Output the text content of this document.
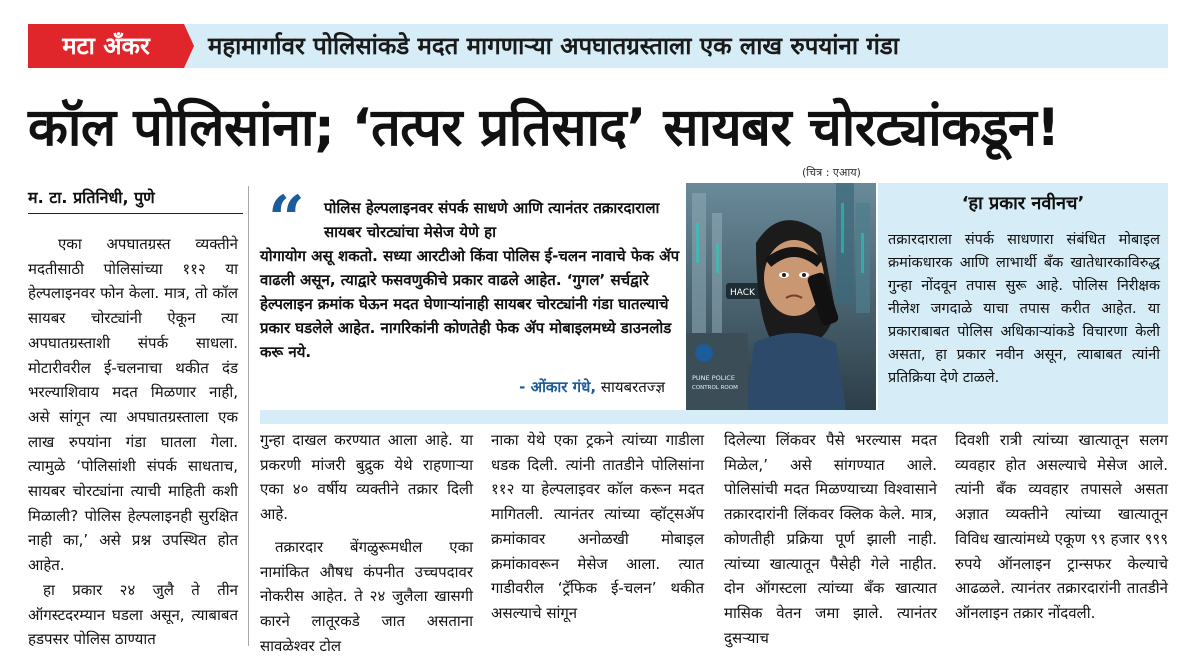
मटा अँकर	महामार्गावर पोलिसांकडे मदत मागणाऱ्या अपघातग्रस्ताला एक लाख रुपयांना गंडा
कॉल पोलिसांना; ‘तत्पर प्रतिसाद’ सायबर चोरट्यांकडून!
म. टा. प्रतिनिधी, पुणे “ पोलिस हेल्पलाइनवर संपर्क साधणे आणि त्यानंतर तक्रारदाराला सायबर चोरट्यांचा मेसेज येणे हा
योगायोग असू शकतो. सध्या आरटीओ किंवा पोलिस ई-चलन नावाचे फेक ॲप वाढली असून, त्याद्वारे फसवणुकीचे प्रकार वाढले आहेत. ‘गुगल’ सर्चद्वारे हेल्पलाइन क्रमांक घेऊन मदत घेणाऱ्यांनाही सायबर चोरट्यांनी गंडा घातल्याचे प्रकार घडलेले आहेत. नागरिकांनी कोणतेही फेक ॲप मोबाइलमध्ये डाउनलोड करू नये.
- ओंकार गंधे, सायबरतज्ज्ञ
(चित्र : एआय)
HACK
PUNE POLICE
CONTROL ROOM
‘हा प्रकार नवीनच’
तक्रारदाराला संपर्क साधणारा संबंधित मोबाइल क्रमांकधारक आणि लाभार्थी बँक खातेधारकाविरुद्ध गुन्हा नोंदवून तपास सुरू आहे. पोलिस निरीक्षक नीलेश जगदाळे याचा तपास करीत आहेत. या प्रकाराबाबत पोलिस अधिकाऱ्यांकडे विचारणा केली असता, हा प्रकार नवीन असून, त्याबाबत त्यांनी प्रतिक्रिया देणे टाळले.

एका अपघातग्रस्त व्यक्तीने मदतीसाठी पोलिसांच्या ११२ या हेल्पलाइनवर फोन केला. मात्र, तो कॉल सायबर चोरट्यांनी ऐकून त्या अपघातग्रस्ताशी संपर्क साधला. मोटारीवरील ई-चलनाचा थकीत दंड भरल्याशिवाय मदत मिळणार नाही, असे सांगून त्या अपघातग्रस्ताला एक लाख रुपयांना गंडा घातला गेला. त्यामुळे ‘पोलिसांशी संपर्क साधताच, सायबर चोरट्यांना त्याची माहिती कशी मिळाली? पोलिस हेल्पलाइनही सुरक्षित नाही का,’ असे प्रश्न उपस्थित होत आहेत.

हा प्रकार २४ जुलै ते तीन ऑगस्टदरम्यान घडला असून, त्याबाबत हडपसर पोलिस ठाण्यात

गुन्हा दाखल करण्यात आला आहे. या प्रकरणी मांजरी बुद्रुक येथे राहणाऱ्या एका ४० वर्षीय व्यक्तीने तक्रार दिली आहे.

तक्रारदार बेंगळुरूमधील एका नामांकित औषध कंपनीत उच्चपदावर नोकरीस आहेत. ते २४ जुलैला खासगी कारने लातूरकडे जात असताना सावळेश्वर टोल

नाका येथे एका ट्रकने त्यांच्या गाडीला धडक दिली. त्यांनी तातडीने पोलिसांना ११२ या हेल्पलाइवर कॉल करून मदत मागितली. त्यानंतर त्यांच्या व्हॉट्सॲप क्रमांकावर अनोळखी मोबाइल क्रमांकावरून मेसेज आला. त्यात गाडीवरील ‘ट्रॅफिक ई-चलन’ थकीत असल्याचे सांगून

दिलेल्या लिंकवर पैसे भरल्यास मदत मिळेल,’ असे सांगण्यात आले. पोलिसांची मदत मिळण्याच्या विश्वासाने तक्रारदारांनी लिंकवर क्लिक केले. मात्र, कोणतीही प्रक्रिया पूर्ण झाली नाही. त्यांच्या खात्यातून पैसेही गेले नाहीत. दोन ऑगस्टला त्यांच्या बँक खात्यात मासिक वेतन जमा झाले. त्यानंतर दुसऱ्याच

दिवशी रात्री त्यांच्या खात्यातून सलग व्यवहार होत असल्याचे मेसेज आले. त्यांनी बँक व्यवहार तपासले असता अज्ञात व्यक्तीने त्यांच्या खात्यातून विविध खात्यांमध्ये एकूण ९९ हजार ९९९ रुपये ऑनलाइन ट्रान्सफर केल्याचे आढळले. त्यानंतर तक्रारदारांनी तातडीने ऑनलाइन तक्रार नोंदवली.
